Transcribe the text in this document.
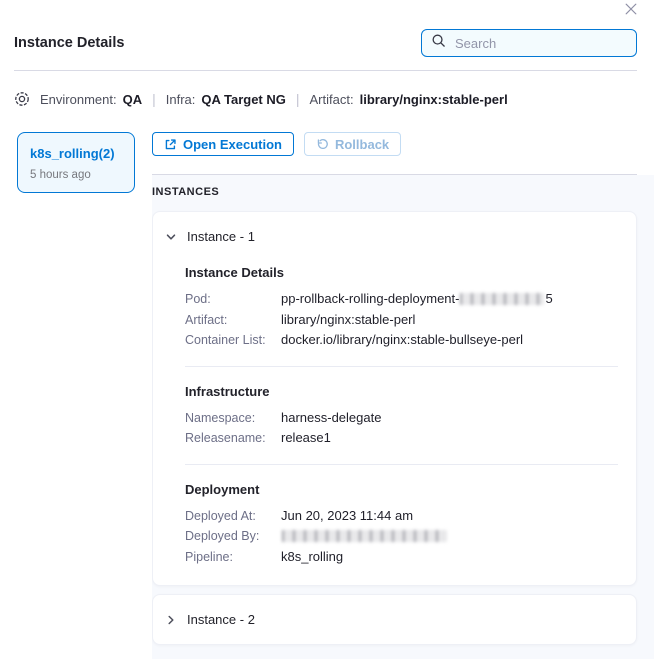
Instance Details
Search
Environment: QA | Infra: QA Target NG | Artifact: library/nginx:stable-perl
k8s_rolling(2)
5 hours ago
Open Execution	Rollback
INSTANCES
Instance - 1
Instance Details
Pod:	pp-rollback-rolling-deployment-	5
Artifact:	library/nginx:stable-perl
Container List:	docker.io/library/nginx:stable-bullseye-perl
Infrastructure
Namespace:	harness-delegate
Releasename:	release1
Deployment
Deployed At:	Jun 20, 2023 11:44 am
Deployed By:
Pipeline:	k8s_rolling
Instance - 2
